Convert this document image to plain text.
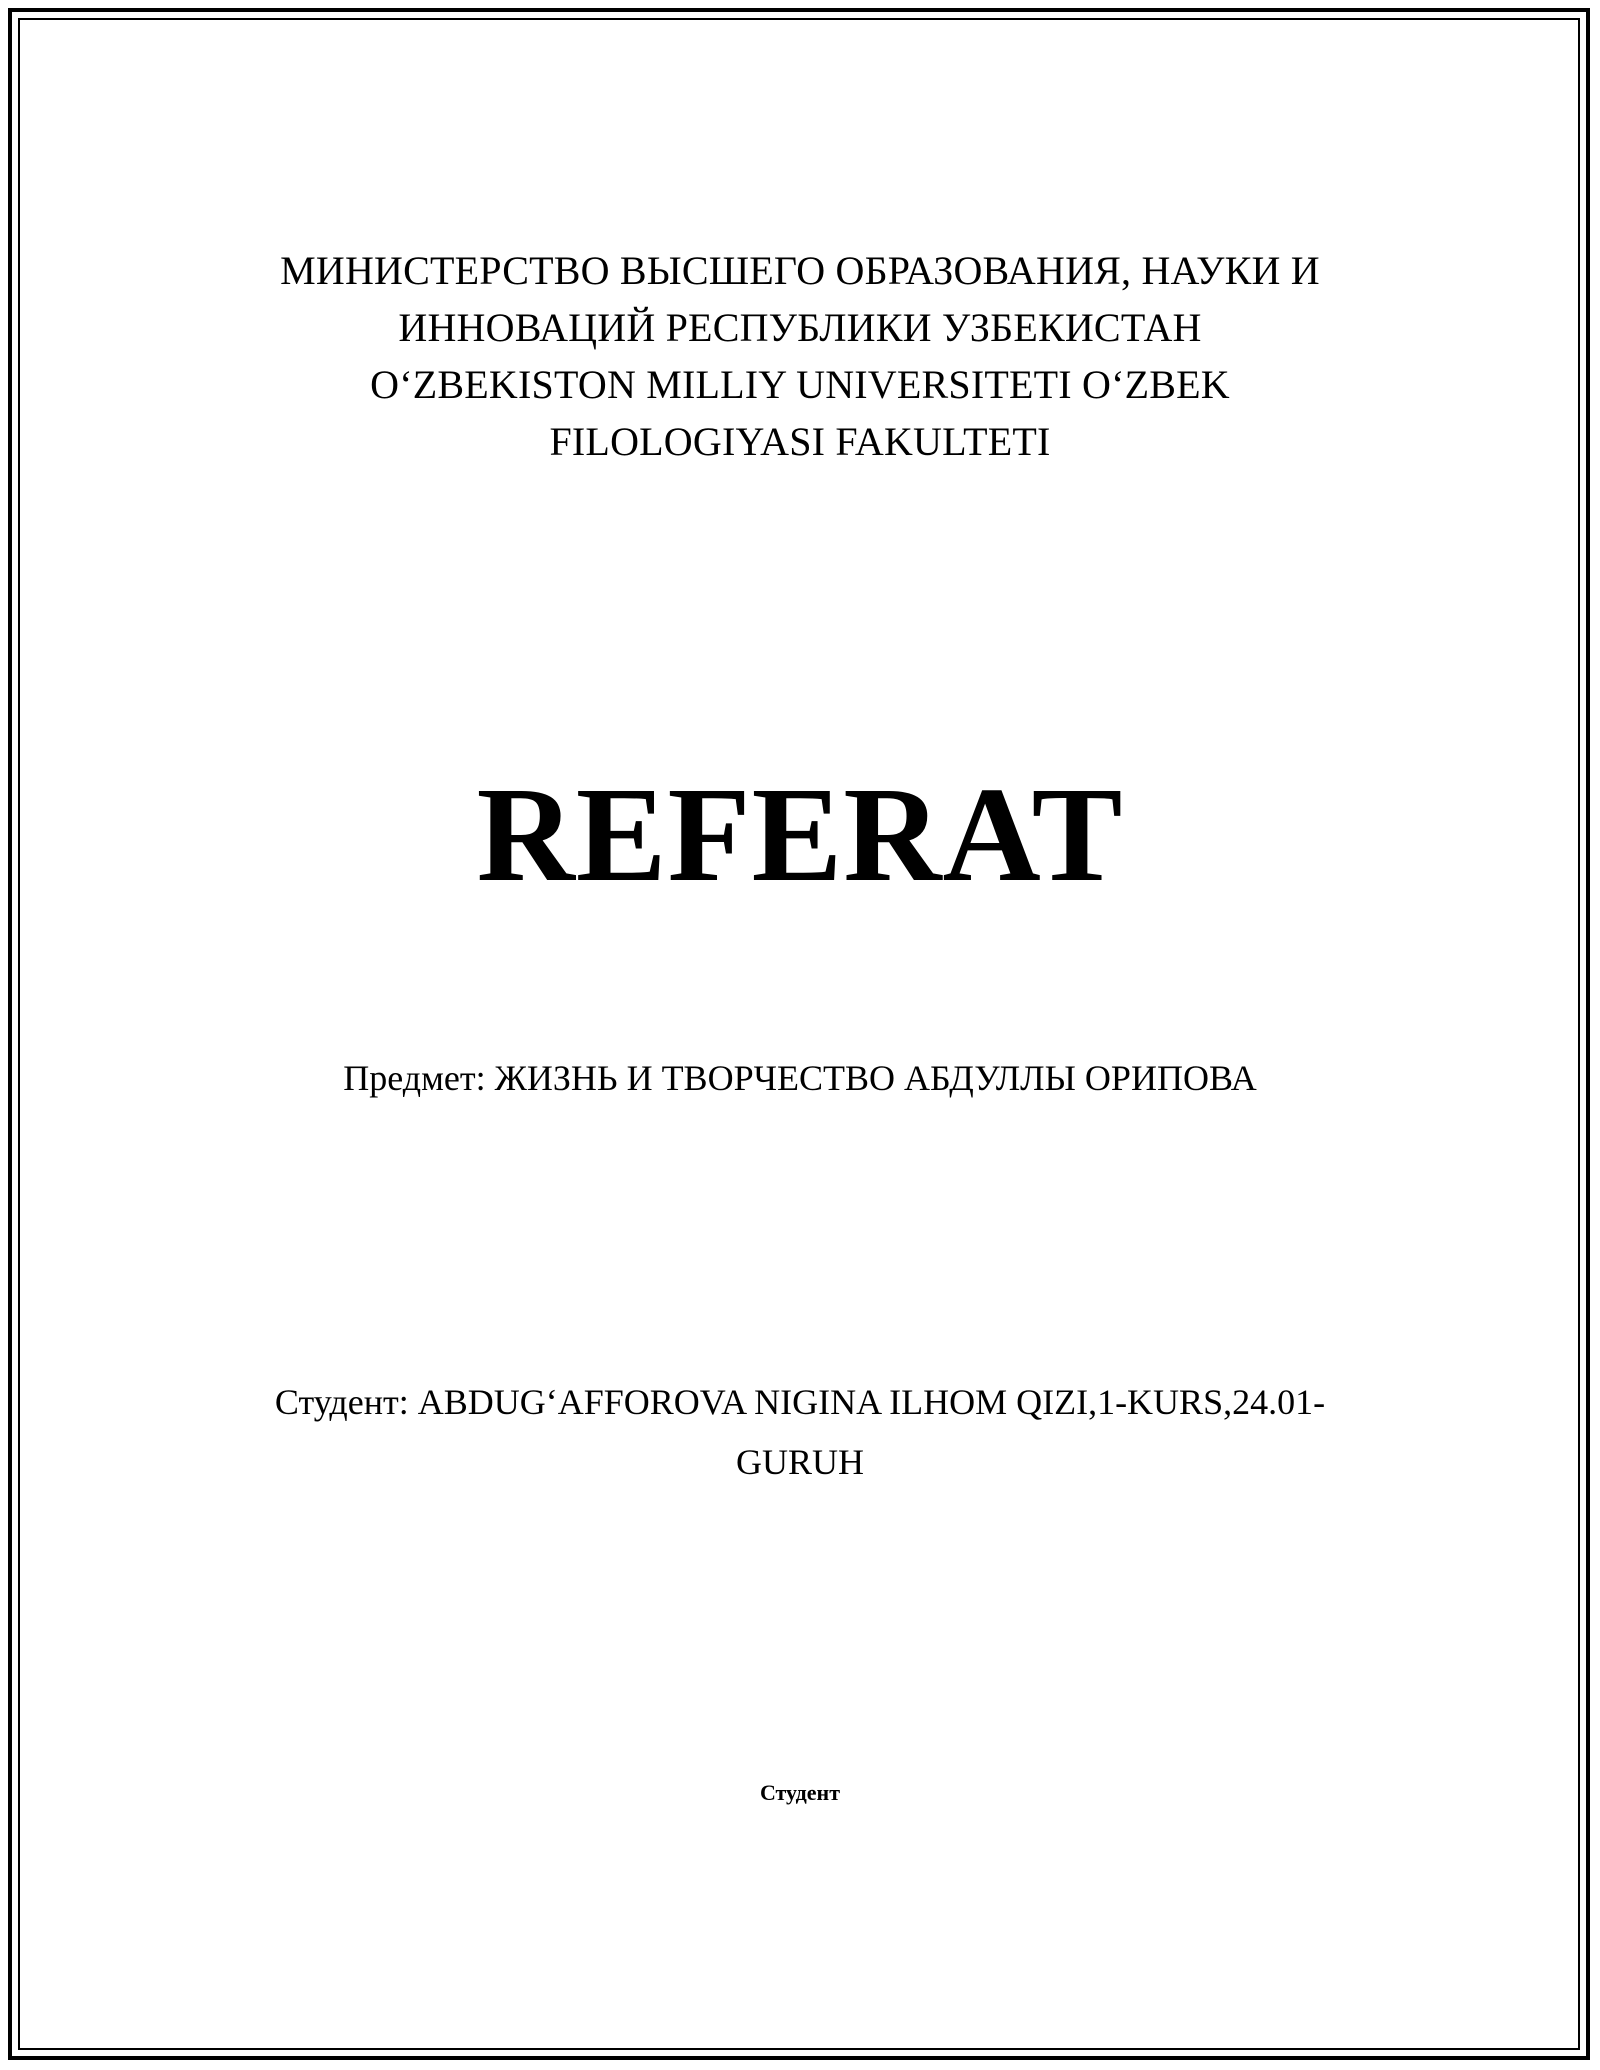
МИНИСТЕРСТВО ВЫСШЕГО ОБРАЗОВАНИЯ, НАУКИ И
ИННОВАЦИЙ РЕСПУБЛИКИ УЗБЕКИСТАН
O‘ZBEKISTON MILLIY UNIVERSITETI O‘ZBEK
FILOLOGIYASI FAKULTETI
REFERAT
Предмет: ЖИЗНЬ И ТВОРЧЕСТВО АБДУЛЛЫ ОРИПОВА
Студент: ABDUG‘AFFOROVA NIGINA ILHOM QIZI,1-KURS,24.01-
GURUH
Студент
